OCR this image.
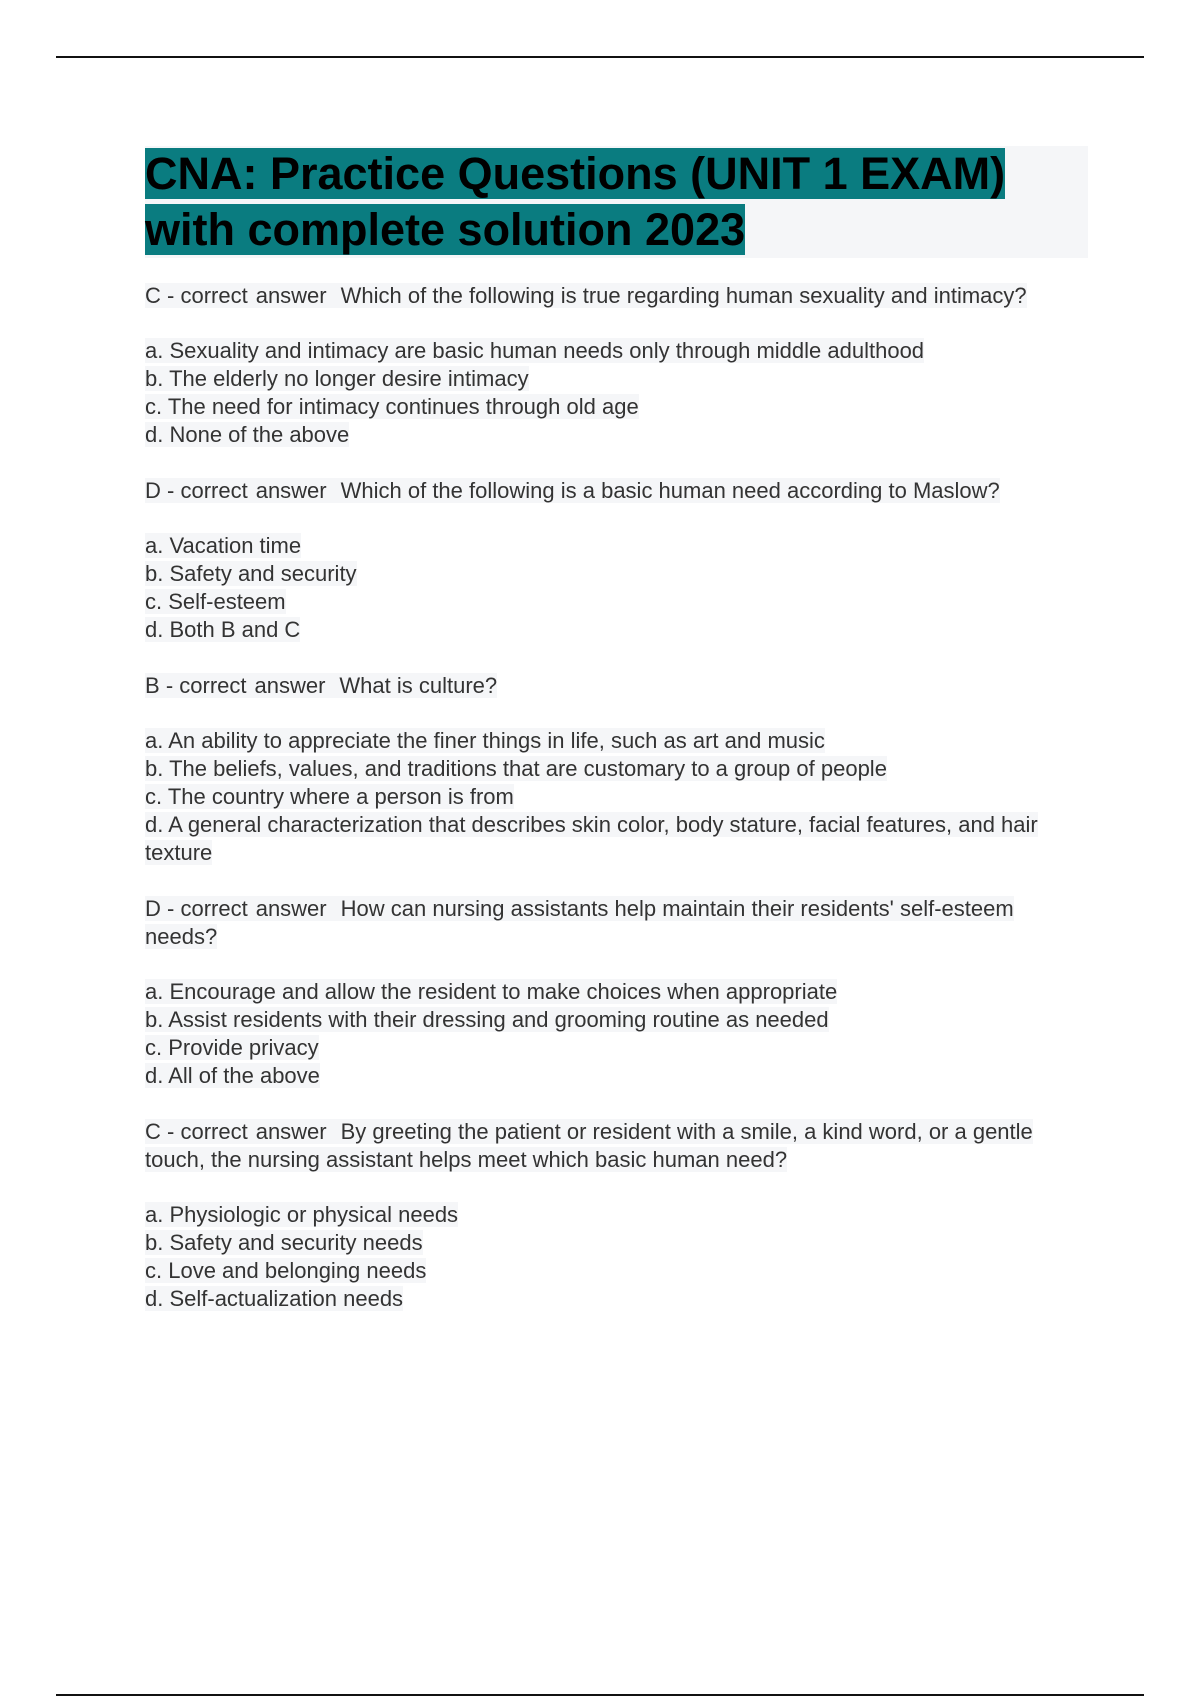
CNA: Practice Questions (UNIT 1 EXAM)
with complete solution 2023

C - correct answer Which of the following is true regarding human sexuality and intimacy?

a. Sexuality and intimacy are basic human needs only through middle adulthood
b. The elderly no longer desire intimacy
c. The need for intimacy continues through old age
d. None of the above

D - correct answer Which of the following is a basic human need according to Maslow?

a. Vacation time
b. Safety and security
c. Self-esteem
d. Both B and C

B - correct answer What is culture?

a. An ability to appreciate the finer things in life, such as art and music
b. The beliefs, values, and traditions that are customary to a group of people
c. The country where a person is from
d. A general characterization that describes skin color, body stature, facial features, and hair texture

D - correct answer How can nursing assistants help maintain their residents' self-esteem needs?

a. Encourage and allow the resident to make choices when appropriate
b. Assist residents with their dressing and grooming routine as needed
c. Provide privacy
d. All of the above

C - correct answer By greeting the patient or resident with a smile, a kind word, or a gentle touch, the nursing assistant helps meet which basic human need?

a. Physiologic or physical needs
b. Safety and security needs
c. Love and belonging needs
d. Self-actualization needs
